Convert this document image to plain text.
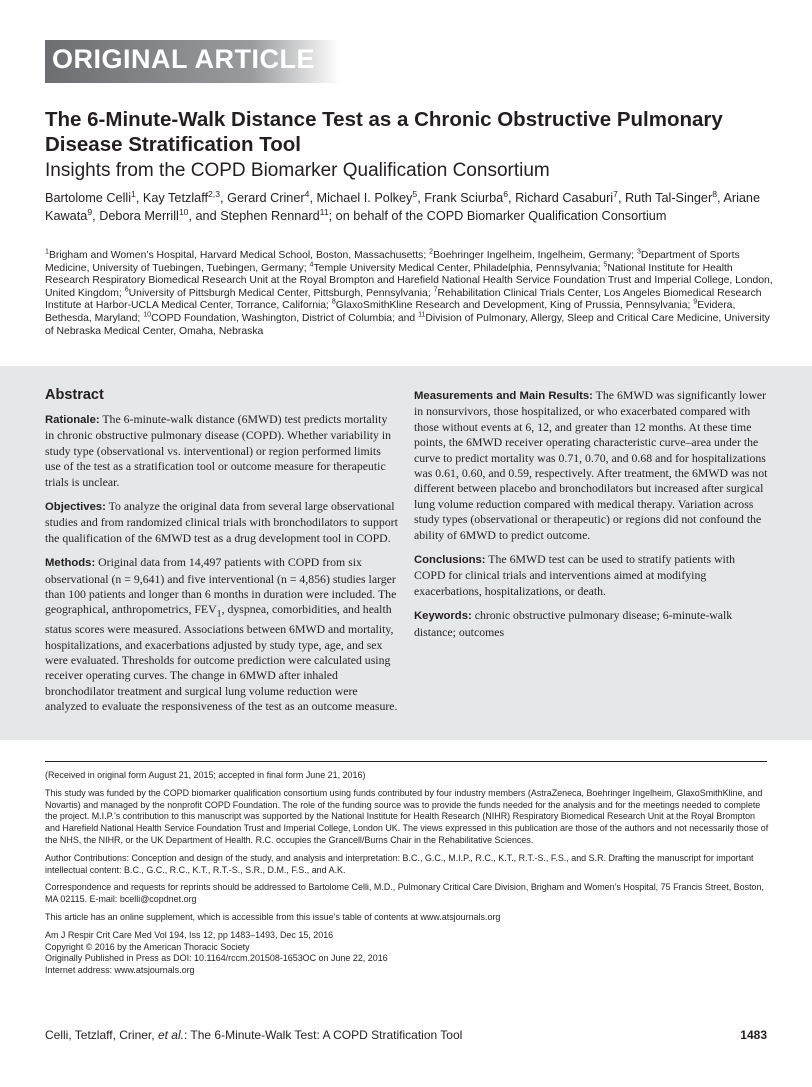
ORIGINAL ARTICLE
The 6-Minute-Walk Distance Test as a Chronic Obstructive Pulmonary Disease Stratification Tool
Insights from the COPD Biomarker Qualification Consortium
Bartolome Celli$^1$, Kay Tetzlaff$^{2,3}$, Gerard Criner$^4$, Michael I. Polkey$^5$, Frank Sciurba$^6$, Richard Casaburi$^7$, Ruth Tal-Singer$^8$, Ariane Kawata$^9$, Debora Merrill$^{10}$, and Stephen Rennard$^{11}$; on behalf of the COPD Biomarker Qualification Consortium
$^1$Brigham and Women’s Hospital, Harvard Medical School, Boston, Massachusetts; $^2$Boehringer Ingelheim, Ingelheim, Germany; $^3$Department of Sports Medicine, University of Tuebingen, Tuebingen, Germany; $^4$Temple University Medical Center, Philadelphia, Pennsylvania; $^5$National Institute for Health Research Respiratory Biomedical Research Unit at the Royal Brompton and Harefield National Health Service Foundation Trust and Imperial College, London, United Kingdom; $^6$University of Pittsburgh Medical Center, Pittsburgh, Pennsylvania; $^7$Rehabilitation Clinical Trials Center, Los Angeles Biomedical Research Institute at Harbor-UCLA Medical Center, Torrance, California; $^8$GlaxoSmithKline Research and Development, King of Prussia, Pennsylvania; $^9$Evidera, Bethesda, Maryland; $^{10}$COPD Foundation, Washington, District of Columbia; and $^{11}$Division of Pulmonary, Allergy, Sleep and Critical Care Medicine, University of Nebraska Medical Center, Omaha, Nebraska
Abstract

Rationale: The 6-minute-walk distance (6MWD) test predicts mortality in chronic obstructive pulmonary disease (COPD). Whether variability in study type (observational vs. interventional) or region performed limits use of the test as a stratification tool or outcome measure for therapeutic trials is unclear.

Objectives: To analyze the original data from several large observational studies and from randomized clinical trials with bronchodilators to support the qualification of the 6MWD test as a drug development tool in COPD.

Methods: Original data from 14,497 patients with COPD from six observational (n = 9,641) and five interventional (n = 4,856) studies larger than 100 patients and longer than 6 months in duration were included. The geographical, anthropometrics, $FEV_1$, dyspnea, comorbidities, and health status scores were measured. Associations between 6MWD and mortality, hospitalizations, and exacerbations adjusted by study type, age, and sex were evaluated. Thresholds for outcome prediction were calculated using receiver operating curves. The change in 6MWD after inhaled bronchodilator treatment and surgical lung volume reduction were analyzed to evaluate the responsiveness of the test as an outcome measure.

Measurements and Main Results: The 6MWD was significantly lower in nonsurvivors, those hospitalized, or who exacerbated compared with those without events at 6, 12, and greater than 12 months. At these time points, the 6MWD receiver operating characteristic curve–area under the curve to predict mortality was 0.71, 0.70, and 0.68 and for hospitalizations was 0.61, 0.60, and 0.59, respectively. After treatment, the 6MWD was not different between placebo and bronchodilators but increased after surgical lung volume reduction compared with medical therapy. Variation across study types (observational or therapeutic) or regions did not confound the ability of 6MWD to predict outcome.

Conclusions: The 6MWD test can be used to stratify patients with COPD for clinical trials and interventions aimed at modifying exacerbations, hospitalizations, or death.

Keywords: chronic obstructive pulmonary disease; 6-minute-walk distance; outcomes

(Received in original form August 21, 2015; accepted in final form June 21, 2016)

This study was funded by the COPD biomarker qualification consortium using funds contributed by four industry members (AstraZeneca, Boehringer Ingelheim, GlaxoSmithKline, and Novartis) and managed by the nonprofit COPD Foundation. The role of the funding source was to provide the funds needed for the analysis and for the meetings needed to complete the project. M.I.P.’s contribution to this manuscript was supported by the National Institute for Health Research (NIHR) Respiratory Biomedical Research Unit at the Royal Brompton and Harefield National Health Service Foundation Trust and Imperial College, London UK. The views expressed in this publication are those of the authors and not necessarily those of the NHS, the NIHR, or the UK Department of Health. R.C. occupies the Grancell/Burns Chair in the Rehabilitative Sciences.

Author Contributions: Conception and design of the study, and analysis and interpretation: B.C., G.C., M.I.P., R.C., K.T., R.T.-S., F.S., and S.R. Drafting the manuscript for important intellectual content: B.C., G.C., R.C., K.T., R.T.-S., S.R., D.M., F.S., and A.K.

Correspondence and requests for reprints should be addressed to Bartolome Celli, M.D., Pulmonary Critical Care Division, Brigham and Women’s Hospital, 75 Francis Street, Boston, MA 02115. E-mail: bcelli@copdnet.org

This article has an online supplement, which is accessible from this issue’s table of contents at www.atsjournals.org

Am J Respir Crit Care Med Vol 194, Iss 12, pp 1483–1493, Dec 15, 2016
Copyright © 2016 by the American Thoracic Society
Originally Published in Press as DOI: 10.1164/rccm.201508-1653OC on June 22, 2016
Internet address: www.atsjournals.org
Celli, Tetzlaff, Criner, et al.: The 6-Minute-Walk Test: A COPD Stratification Tool	1483
